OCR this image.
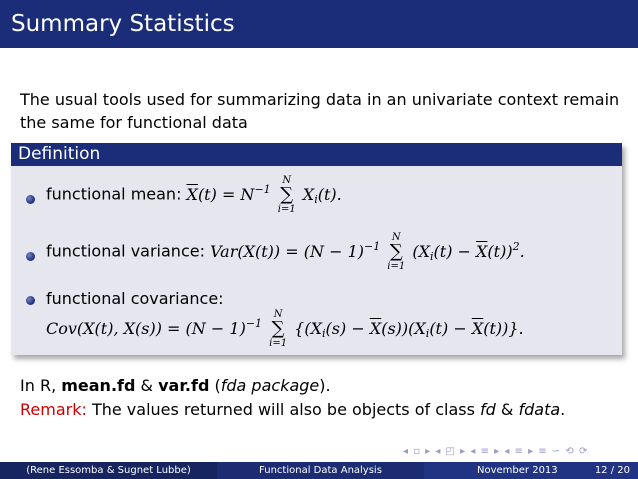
Summary Statistics
The usual tools used for summarizing data in an univariate context remain the same for functional data
Definition
functional mean: $\overline{X}(t) = N^{-1}$
N
∑
i=1
$X_i(t)$.
functional variance: $Var(X(t)) = (N - 1)^{-1}$
N
∑
i=1
$(X_i(t) - \overline{X}(t))^2$.
functional covariance:
Cov(X(t), $X(s)) = (N - 1)^{-1}$
N
∑
i=1
$\{(X_i(s) - \overline{X}(s))(X_i(t) - \overline{X}(t))\}$.
In R, mean.fd & var.fd (fda package).
Remark: The values returned will also be objects of class fd & fdata.
◂ ▫ ▸ ◂ ◰ ▸ ◂ ≡ ▸ ◂ ≡ ▸ ≡ ∽ ⟲ ⟳
(Rene Essomba & Sugnet Lubbe)	Functional Data Analysis	November 2013	12 / 20
